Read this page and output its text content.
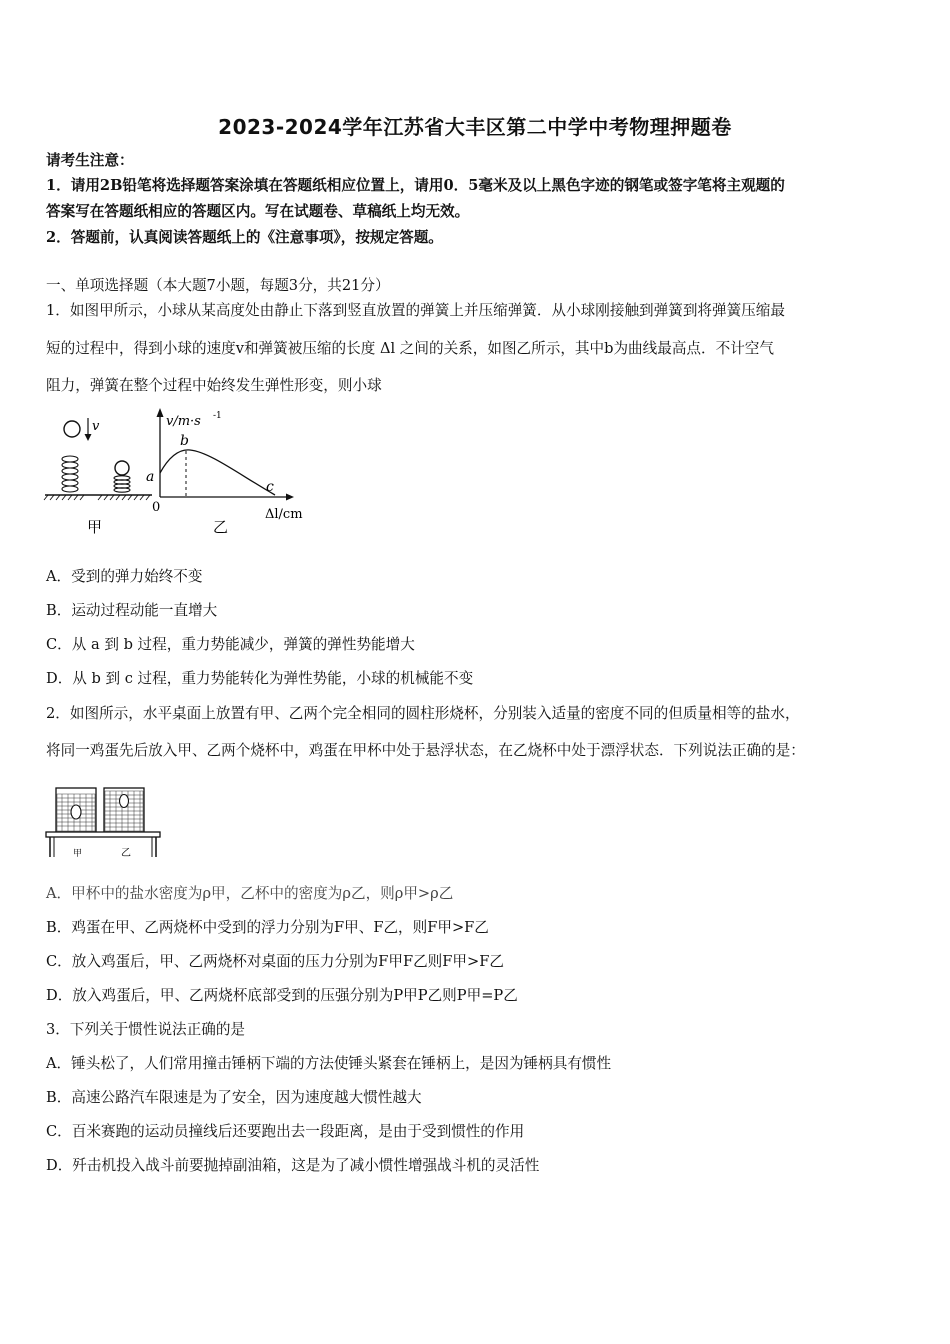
2023-2024学年江苏省大丰区第二中学中考物理押题卷
请考生注意：
1．请用2B铅笔将选择题答案涂填在答题纸相应位置上，请用0．5毫米及以上黑色字迹的钢笔或签字笔将主观题的
答案写在答题纸相应的答题区内。写在试题卷、草稿纸上均无效。
2．答题前，认真阅读答题纸上的《注意事项》，按规定答题。
一、单项选择题（本大题7小题，每题3分，共21分）
1．如图甲所示，小球从某高度处由静止下落到竖直放置的弹簧上并压缩弹簧．从小球刚接触到弹簧到将弹簧压缩最
短的过程中，得到小球的速度v和弹簧被压缩的长度 Δl 之间的关系，如图乙所示，其中b为曲线最高点．不计空气
阻力，弹簧在整个过程中始终发生弹性形变，则小球
v
甲
v/m·s -1
a
b
c
0	Δl/cm
乙
A．受到的弹力始终不变
B．运动过程动能一直增大
C．从 a 到 b 过程，重力势能减少，弹簧的弹性势能增大
D．从 b 到 c 过程，重力势能转化为弹性势能，小球的机械能不变
2．如图所示，水平桌面上放置有甲、乙两个完全相同的圆柱形烧杯，分别装入适量的密度不同的但质量相等的盐水，
将同一鸡蛋先后放入甲、乙两个烧杯中，鸡蛋在甲杯中处于悬浮状态，在乙烧杯中处于漂浮状态．下列说法正确的是：
甲	乙
A．甲杯中的盐水密度为ρ甲，乙杯中的密度为ρ乙，则ρ甲>ρ乙
B．鸡蛋在甲、乙两烧杯中受到的浮力分别为F甲、F乙，则F甲>F乙
C．放入鸡蛋后，甲、乙两烧杯对桌面的压力分别为F甲F乙则F甲>F乙
D．放入鸡蛋后，甲、乙两烧杯底部受到的压强分别为P甲P乙则P甲=P乙
3．下列关于惯性说法正确的是
A．锤头松了，人们常用撞击锤柄下端的方法使锤头紧套在锤柄上，是因为锤柄具有惯性
B．高速公路汽车限速是为了安全，因为速度越大惯性越大
C．百米赛跑的运动员撞线后还要跑出去一段距离，是由于受到惯性的作用
D．歼击机投入战斗前要抛掉副油箱，这是为了减小惯性增强战斗机的灵活性
